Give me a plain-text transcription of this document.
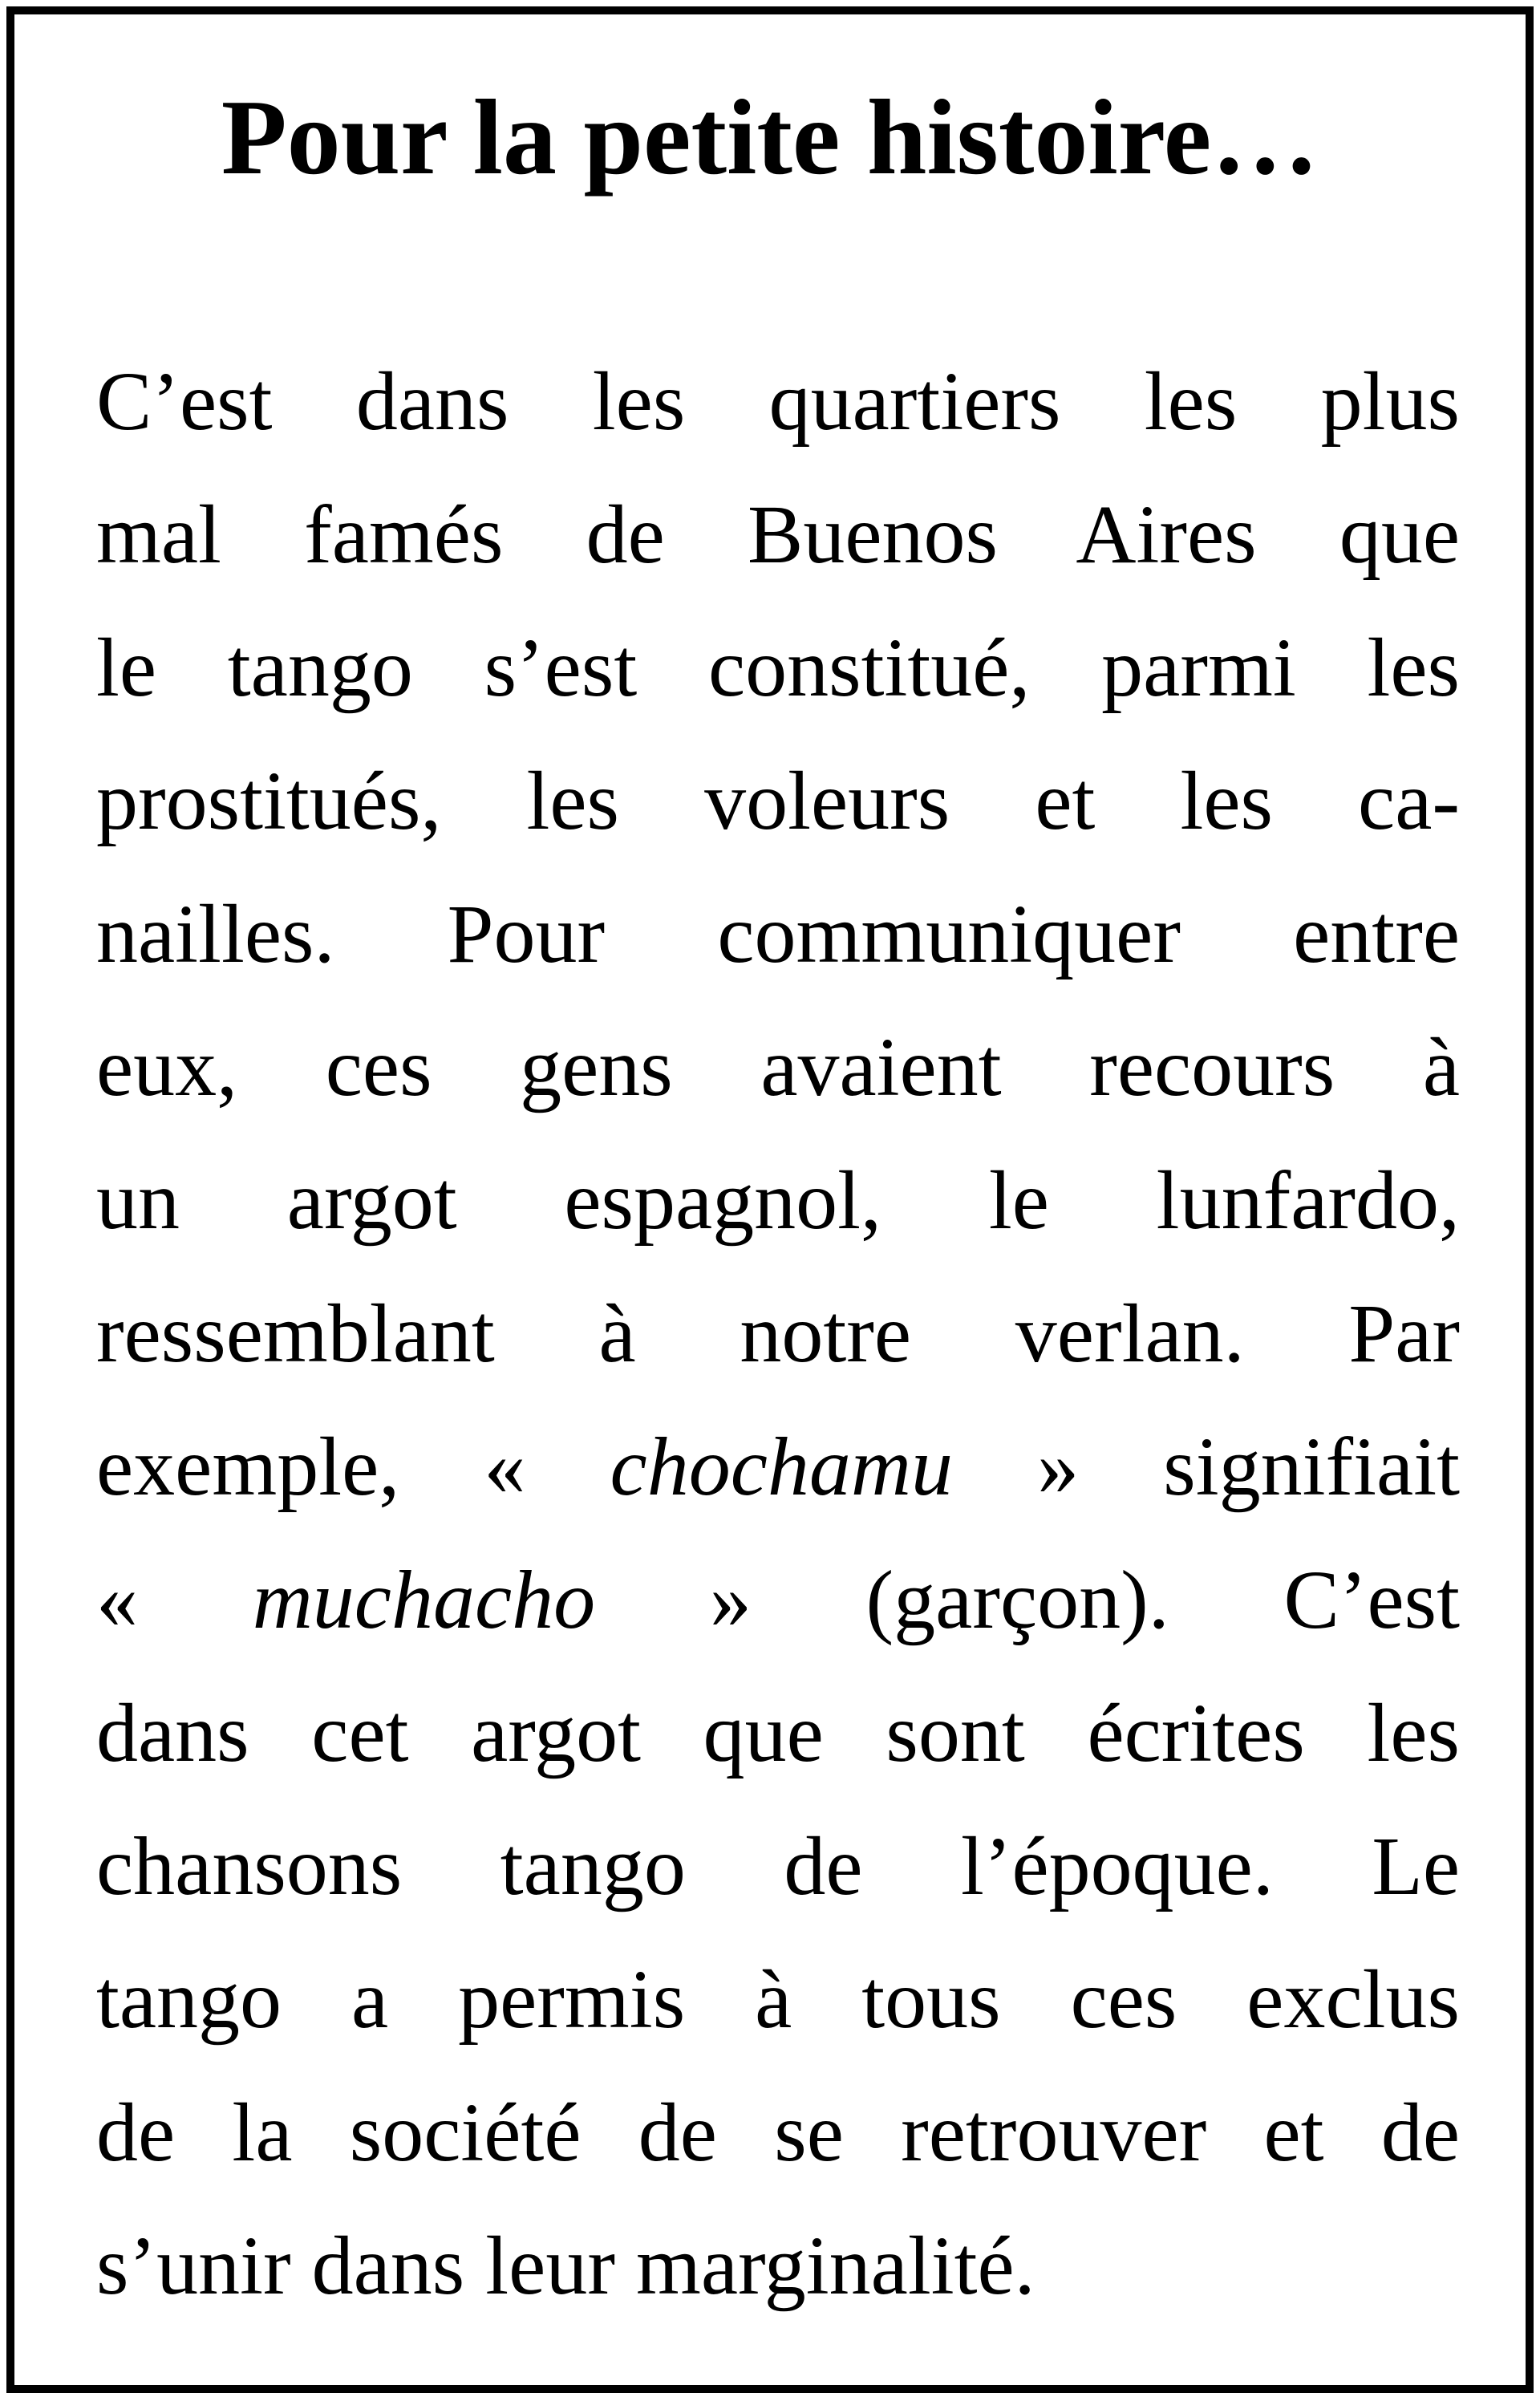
Pour la petite histoire…
C’est dans les quartiers les plus
mal famés de Buenos Aires que
le tango s’est constitué, parmi les
prostitués, les voleurs et les ca-
nailles. Pour communiquer entre
eux, ces gens avaient recours à
un argot espagnol, le lunfardo,
ressemblant à notre verlan. Par
exemple, « chochamu » signifiait
« muchacho » (garçon). C’est
dans cet argot que sont écrites les
chansons tango de l’époque. Le
tango a permis à tous ces exclus
de la société de se retrouver et de
s’unir dans leur marginalité.
